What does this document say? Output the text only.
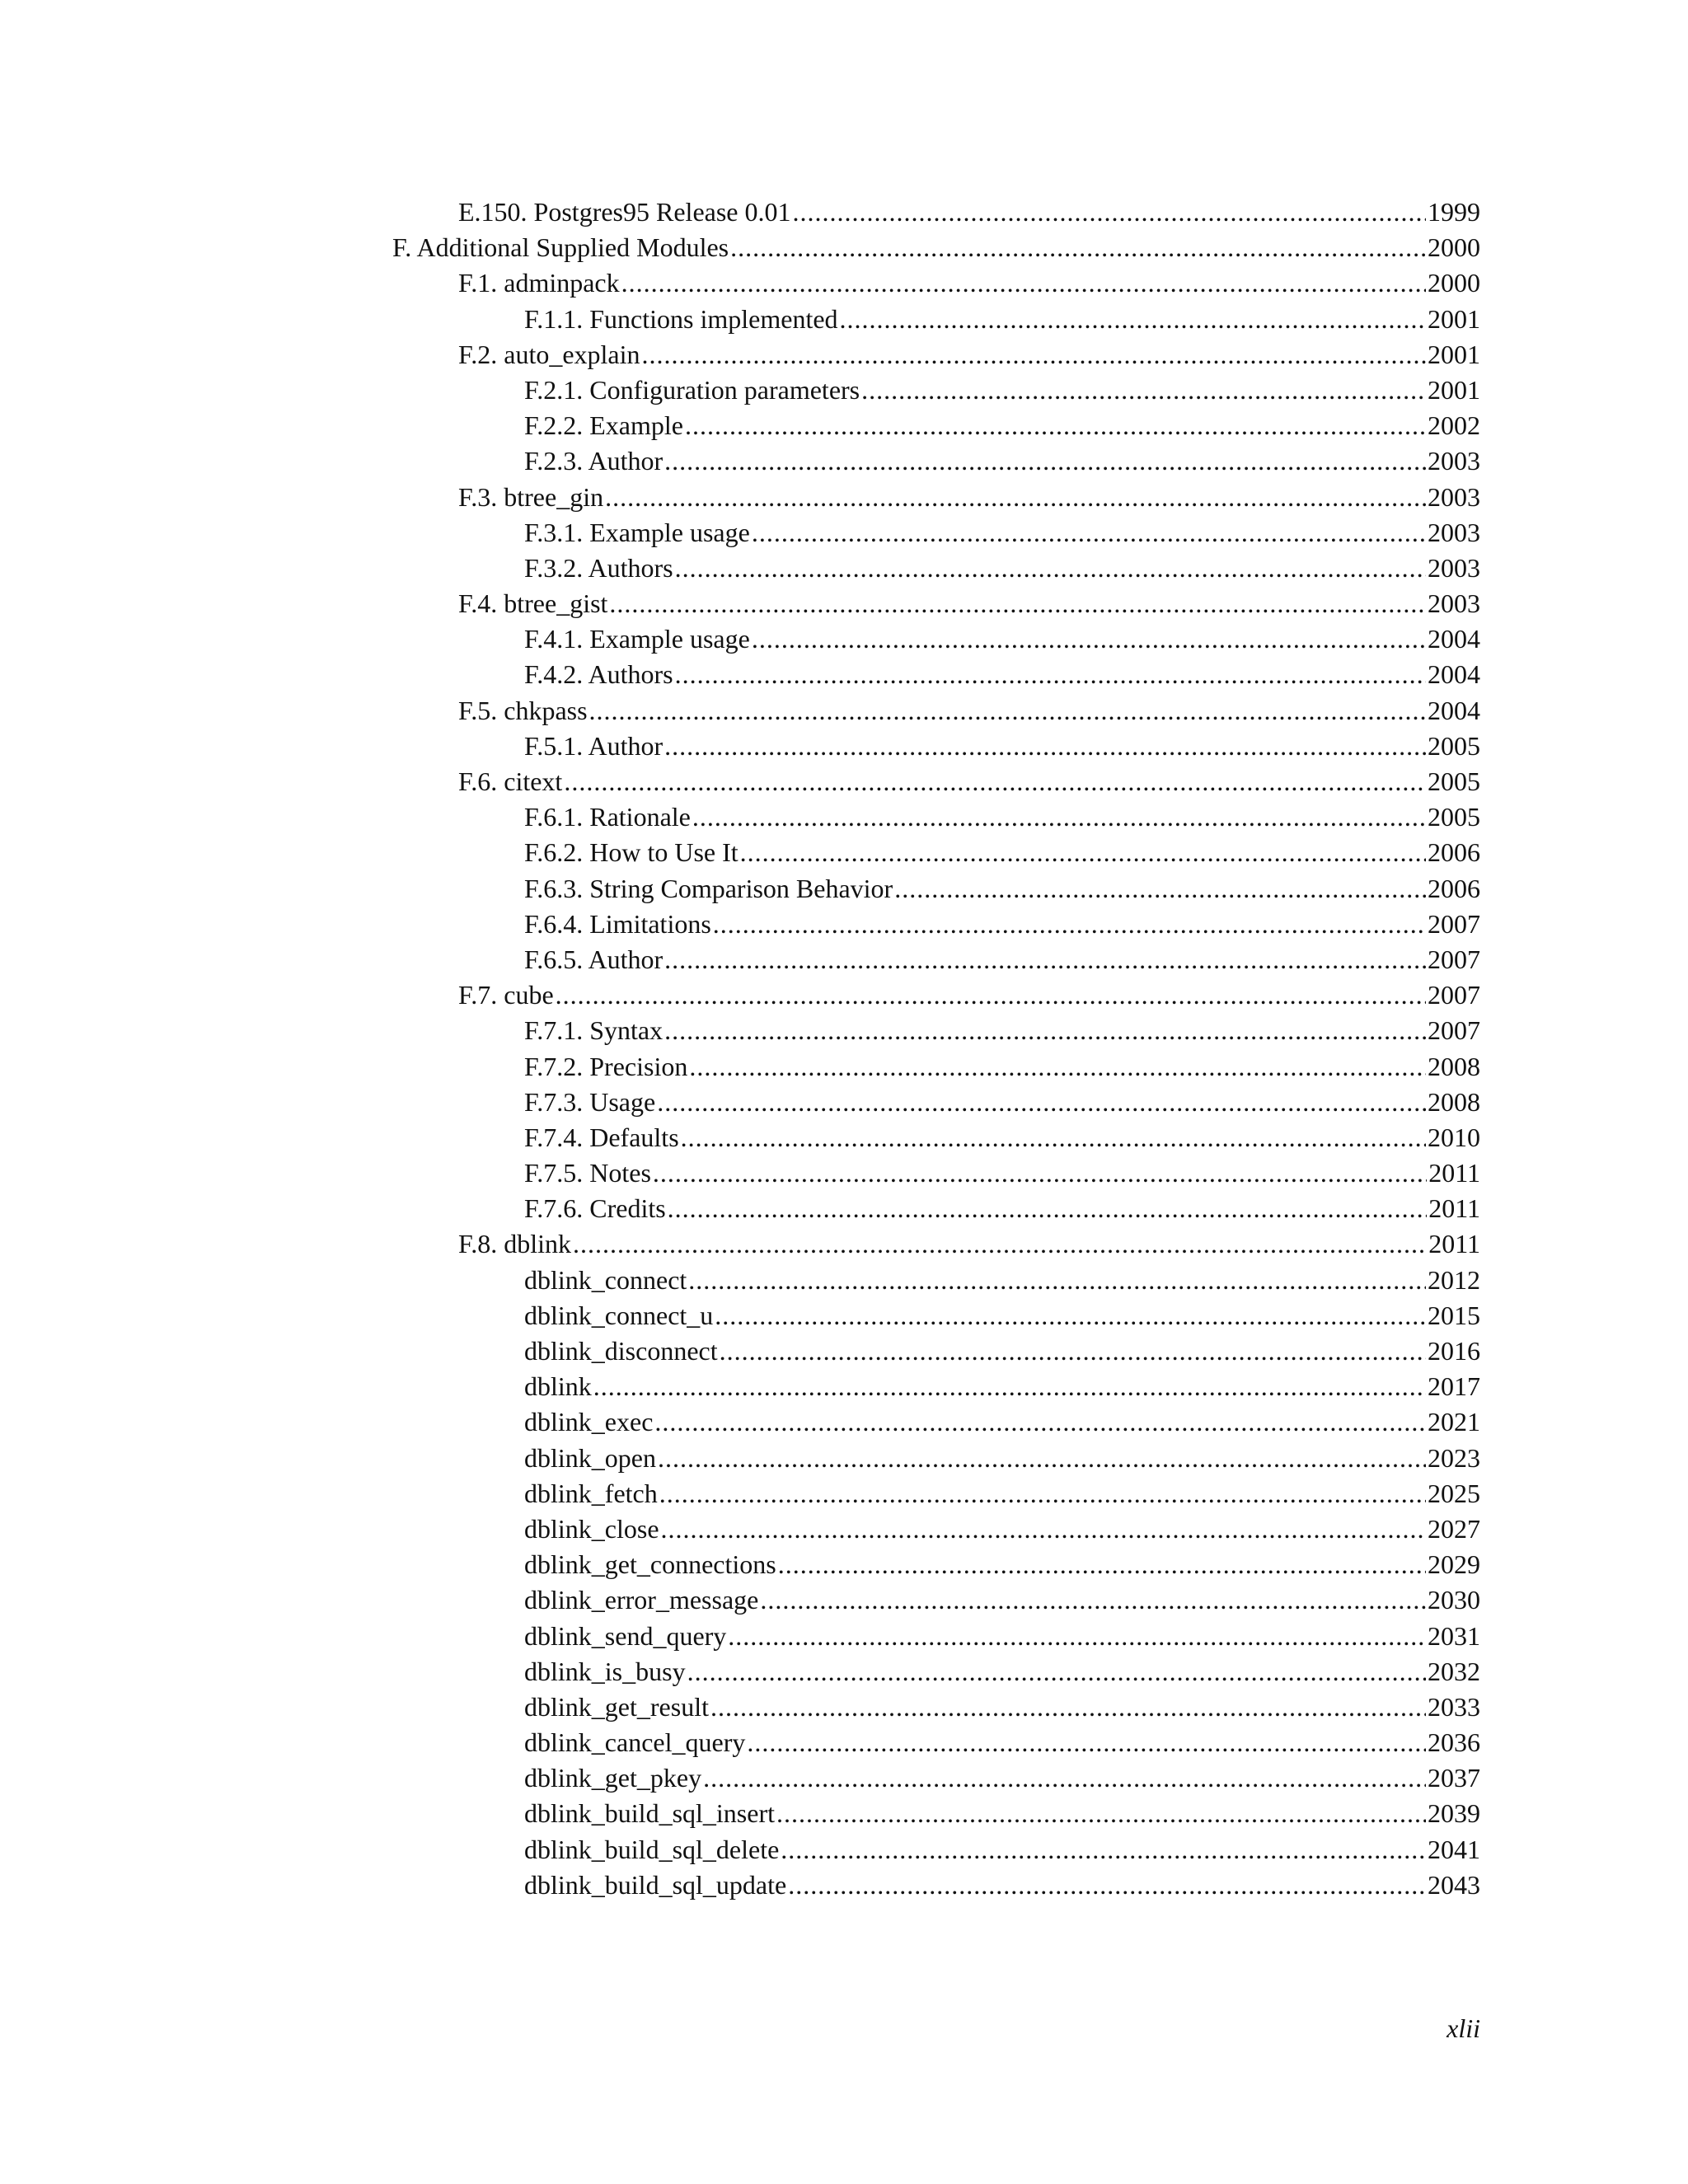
E.150. Postgres95 Release 0.01 .....	1999
F. Additional Supplied Modules .....	2000
F.1. adminpack .....	2000
F.1.1. Functions implemented .....	2001
F.2. auto_explain .....	2001
F.2.1. Configuration parameters .....	2001
F.2.2. Example .....	2002
F.2.3. Author .....	2003
F.3. btree_gin .....	2003
F.3.1. Example usage .....	2003
F.3.2. Authors .....	2003
F.4. btree_gist .....	2003
F.4.1. Example usage .....	2004
F.4.2. Authors .....	2004
F.5. chkpass .....	2004
F.5.1. Author .....	2005
F.6. citext .....	2005
F.6.1. Rationale .....	2005
F.6.2. How to Use It .....	2006
F.6.3. String Comparison Behavior .....	2006
F.6.4. Limitations .....	2007
F.6.5. Author .....	2007
F.7. cube .....	2007
F.7.1. Syntax .....	2007
F.7.2. Precision .....	2008
F.7.3. Usage .....	2008
F.7.4. Defaults .....	2010
F.7.5. Notes .....	2011
F.7.6. Credits .....	2011
F.8. dblink .....	2011
dblink_connect .....	2012
dblink_connect_u .....	2015
dblink_disconnect .....	2016
dblink .....	2017
dblink_exec .....	2021
dblink_open .....	2023
dblink_fetch .....	2025
dblink_close .....	2027
dblink_get_connections .....	2029
dblink_error_message .....	2030
dblink_send_query .....	2031
dblink_is_busy .....	2032
dblink_get_result .....	2033
dblink_cancel_query .....	2036
dblink_get_pkey .....	2037
dblink_build_sql_insert .....	2039
dblink_build_sql_delete .....	2041
dblink_build_sql_update .....	2043
xlii
